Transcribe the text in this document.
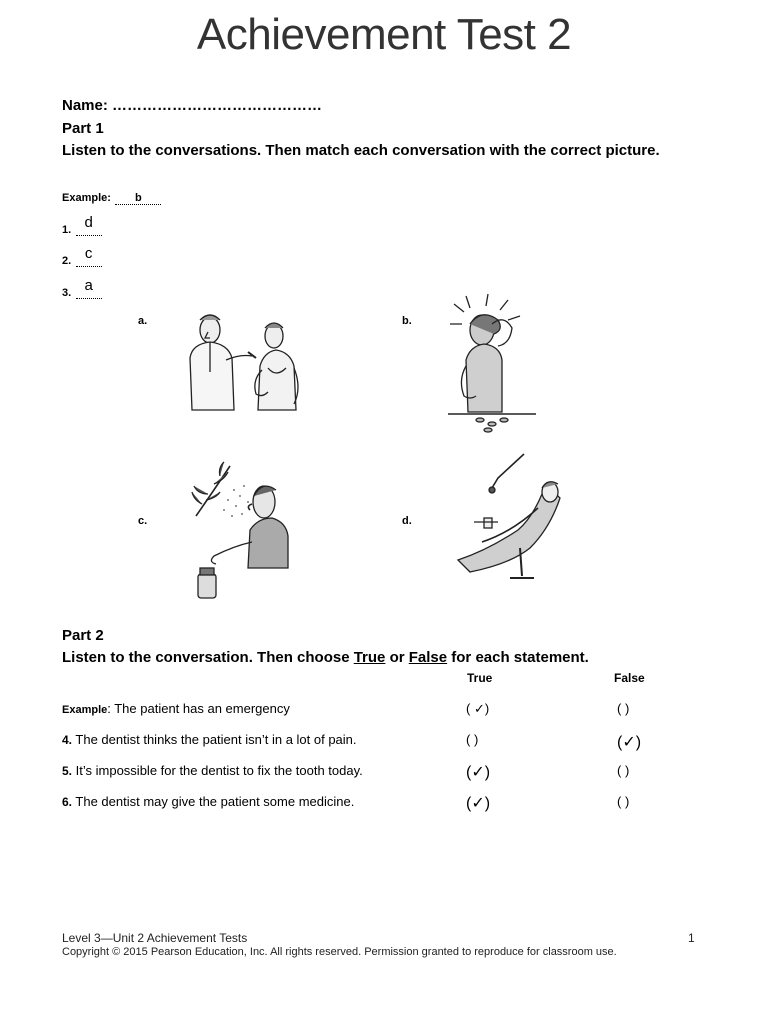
Achievement Test 2
Name: ……………………………………
Part 1
Listen to the conversations. Then match each conversation with the correct picture.
Example: b
1. d
2. c
3. a
a.	b.
c.	d.
Part 2
Listen to the conversation. Then choose True or False for each statement.
True	False
Example: The patient has an emergency	( ✓)	( )
4. The dentist thinks the patient isn’t in a lot of pain.	( )	(✓)
5. It’s impossible for the dentist to fix the tooth today.	(✓)	( )
6. The dentist may give the patient some medicine.	(✓)	( )
Level 3—Unit 2 Achievement Tests	1
Copyright © 2015 Pearson Education, Inc. All rights reserved. Permission granted to reproduce for classroom use.
